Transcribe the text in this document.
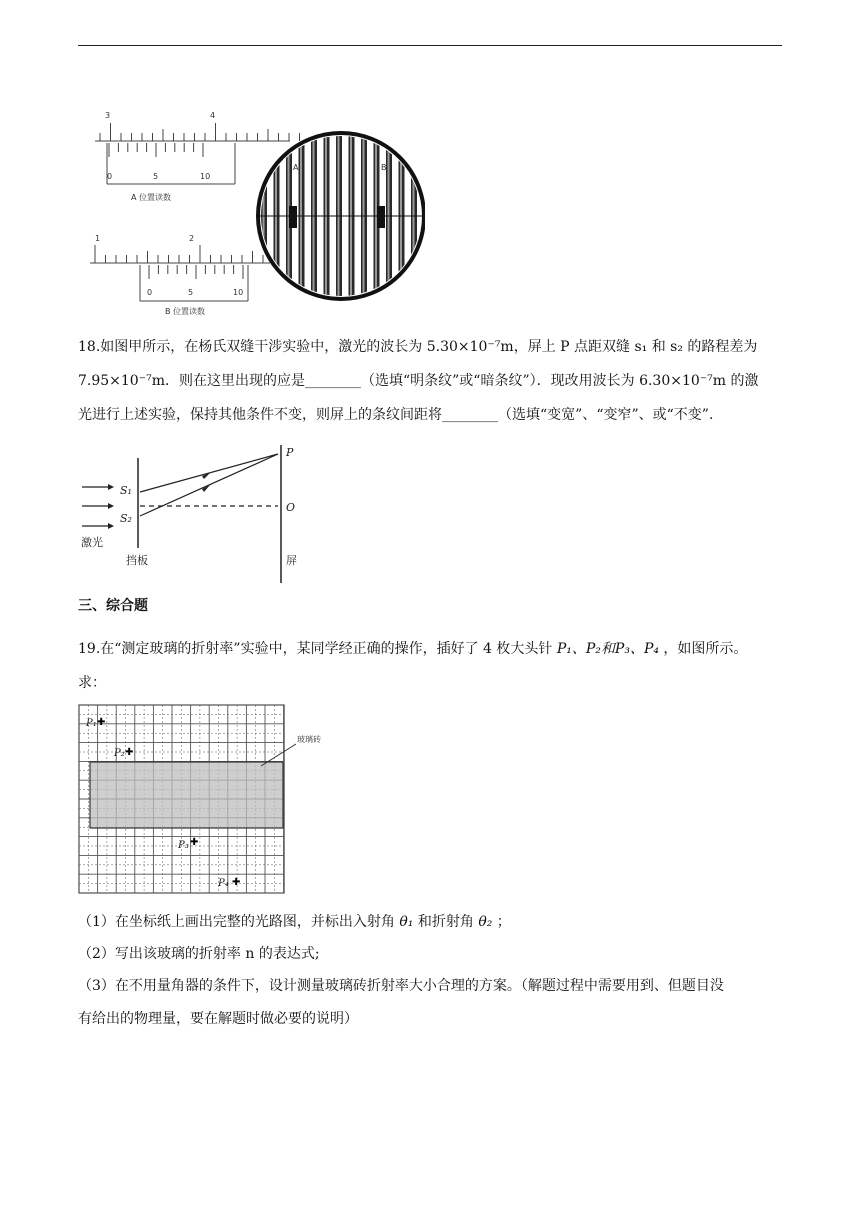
3	4
0	5	10
A 位置读数
1	2
0	5	10
B 位置读数
A	B
18.如图甲所示，在杨氏双缝干涉实验中，激光的波长为 5.30×10⁻⁷m，屏上 P 点距双缝 s₁ 和 s₂ 的路程差为
7.95×10⁻⁷m．则在这里出现的应是________（选填“明条纹”或“暗条纹”）．现改用波长为 6.30×10⁻⁷m 的激
光进行上述实验，保持其他条件不变，则屏上的条纹间距将________（选填“变宽”、“变窄”、或“不变”.
P
O
S₁
S₂
激光
挡板	屏
三、综合题
19.在“测定玻璃的折射率”实验中，某同学经正确的操作，插好了 4 枚大头针 P₁、P₂和P₃、P₄ ，如图所示。
求：
玻璃砖
P₁ ✚
P₂ ✚
P₃ ✚
P₄ ✚
（1）在坐标纸上画出完整的光路图，并标出入射角 θ₁ 和折射角 θ₂ ；
（2）写出该玻璃的折射率 n 的表达式;
（3）在不用量角器的条件下，设计测量玻璃砖折射率大小合理的方案。（解题过程中需要用到、但题目没
有给出的物理量，要在解题时做必要的说明）
